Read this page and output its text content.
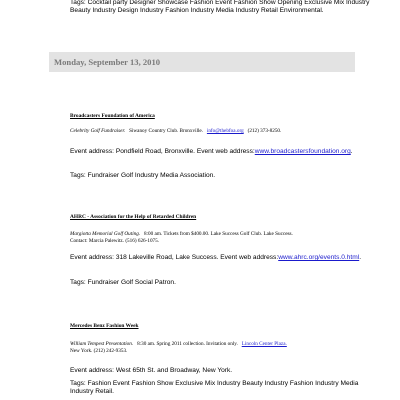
Tags: Cocktail party Designer Showcase Fashion Event Fashion Show Opening Exclusive Mix Industry Beauty Industry Design Industry Fashion Industry Media Industry Retail Environmental.
Monday, September 13, 2010
Broadcasters Foundation of America
Celebrity Golf Fundraiser. Siwanoy Country Club. Bronxville. info@thebfoa.org (212) 373-8250.
Event address: Pondfield Road, Bronxville. Event web address:www.broadcastersfoundation.org.
Tags: Fundraiser Golf Industry Media Association.
AHRC - Association for the Help of Retarded Children
Margiotta Memorial Golf Outing. 8:00 am. Tickets from $400.00. Lake Success Golf Club. Lake Success.
Contact: Marcia Palewitz. (516) 626-1075.
Event address: 318 Lakeville Road, Lake Success. Event web address:www.ahrc.org/events.0.html.
Tags: Fundraiser Golf Social Patron.
Mercedes Benz Fashion Week
William Tempest Presentation. 8:30 am. Spring 2011 collection. Invitation only. Lincoln Center Plaza.
New York. (212) 242-9353.
Event address: West 65th St. and Broadway, New York.
Tags: Fashion Event Fashion Show Exclusive Mix Industry Beauty Industry Fashion Industry Media Industry Retail.
